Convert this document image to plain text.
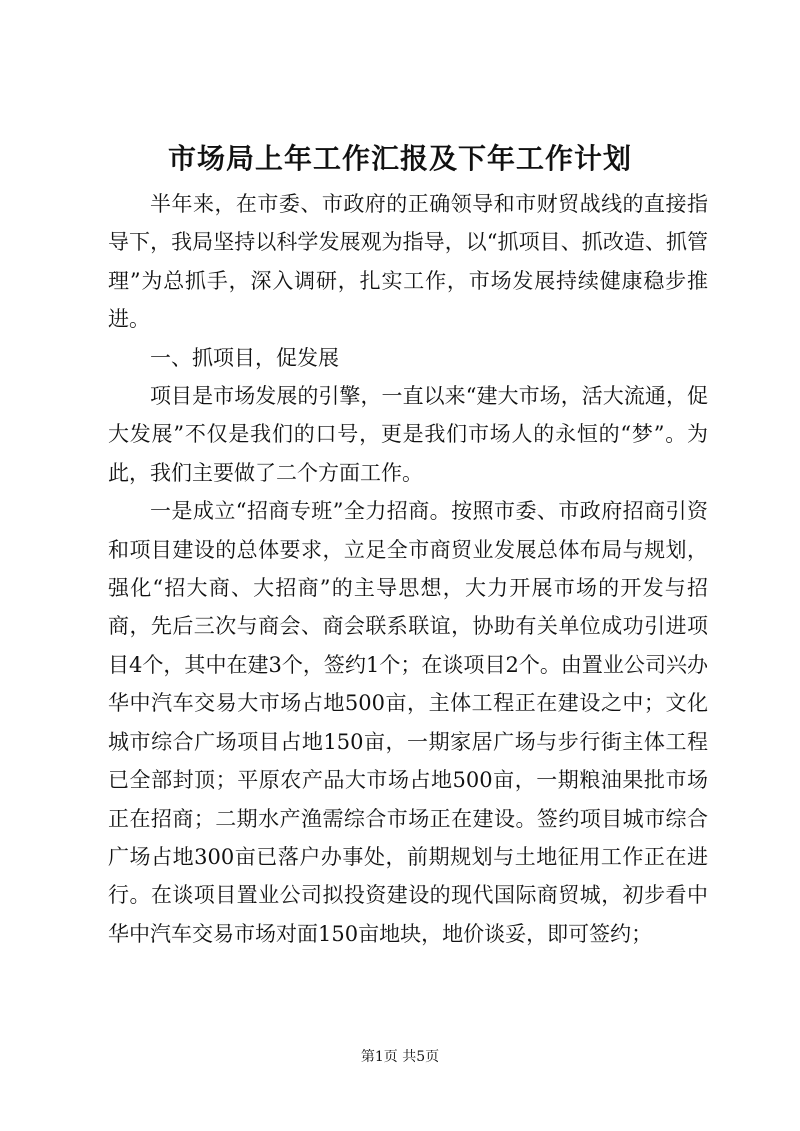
市场局上年工作汇报及下年工作计划

半年来，在市委、市政府的正确领导和市财贸战线的直接指导下，我局坚持以科学发展观为指导，以“抓项目、抓改造、抓管理”为总抓手，深入调研，扎实工作，市场发展持续健康稳步推进。

一、抓项目，促发展

项目是市场发展的引擎，一直以来“建大市场，活大流通，促大发展”不仅是我们的口号，更是我们市场人的永恒的“梦”。为此，我们主要做了二个方面工作。

一是成立“招商专班”全力招商。按照市委、市政府招商引资和项目建设的总体要求，立足全市商贸业发展总体布局与规划，强化“招大商、大招商”的主导思想，大力开展市场的开发与招商，先后三次与商会、商会联系联谊，协助有关单位成功引进项目4个，其中在建3个，签约1个；在谈项目2个。由置业公司兴办华中汽车交易大市场占地500亩，主体工程正在建设之中；文化城市综合广场项目占地150亩，一期家居广场与步行街主体工程已全部封顶；平原农产品大市场占地500亩，一期粮油果批市场正在招商；二期水产渔需综合市场正在建设。签约项目城市综合广场占地300亩已落户办事处，前期规划与土地征用工作正在进行。在谈项目置业公司拟投资建设的现代国际商贸城，初步看中华中汽车交易市场对面150亩地块，地价谈妥，即可签约；

第1页 共5页
